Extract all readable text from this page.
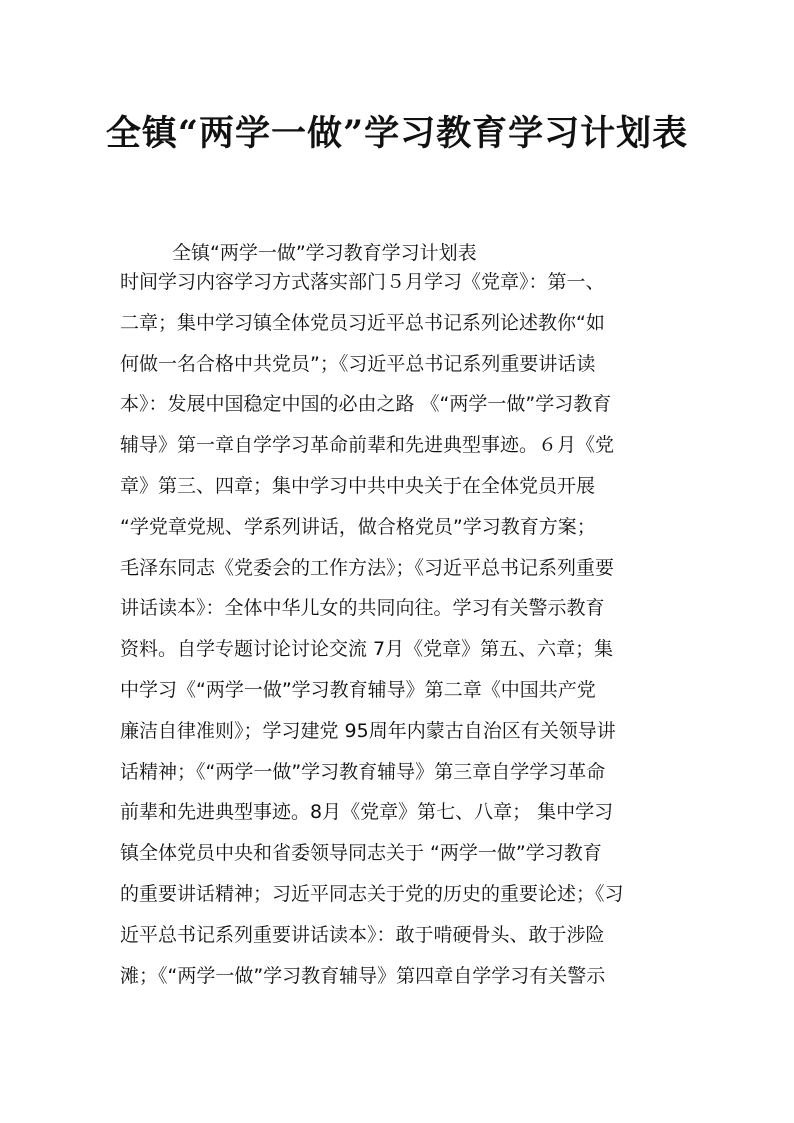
全镇“两学一做”学习教育学习计划表

全镇“两学一做”学习教育学习计划表

时间学习内容学习方式落实部门５月学习《党章》：第一、
二章；集中学习镇全体党员习近平总书记系列论述教你“如
何做一名合格中共党员”；《习近平总书记系列重要讲话读
本》：发展中国稳定中国的必由之路 《“两学一做”学习教育
辅导》第一章自学学习革命前辈和先进典型事迹。６月《党
章》第三、四章；集中学习中共中央关于在全体党员开展
“学党章党规、学系列讲话，做合格党员”学习教育方案；
毛泽东同志《党委会的工作方法》；《习近平总书记系列重要
讲话读本》：全体中华儿女的共同向往。学习有关警示教育
资料。自学专题讨论讨论交流 7月《党章》第五、六章；集
中学习《“两学一做”学习教育辅导》第二章《中国共产党
廉洁自律准则》；学习建党 95周年内蒙古自治区有关领导讲
话精神；《“两学一做”学习教育辅导》第三章自学学习革命
前辈和先进典型事迹。8月《党章》第七、八章； 集中学习
镇全体党员中央和省委领导同志关于 “两学一做”学习教育
的重要讲话精神；习近平同志关于党的历史的重要论述；《习
近平总书记系列重要讲话读本》：敢于啃硬骨头、敢于涉险
滩；《“两学一做”学习教育辅导》第四章自学学习有关警示
